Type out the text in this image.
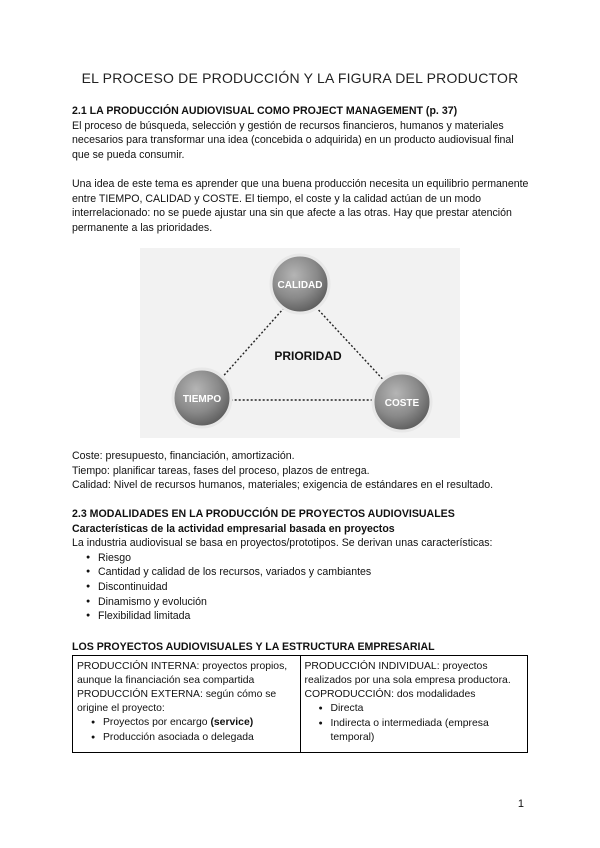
EL PROCESO DE PRODUCCIÓN Y LA FIGURA DEL PRODUCTOR

2.1 LA PRODUCCIÓN AUDIOVISUAL COMO PROJECT MANAGEMENT (p. 37)

El proceso de búsqueda, selección y gestión de recursos financieros, humanos y materiales necesarios para transformar una idea (concebida o adquirida) en un producto audiovisual final que se pueda consumir.

Una idea de este tema es aprender que una buena producción necesita un equilibrio permanente entre TIEMPO, CALIDAD y COSTE. El tiempo, el coste y la calidad actúan de un modo interrelacionado: no se puede ajustar una sin que afecte a las otras. Hay que prestar atención permanente a las prioridades.

CALIDAD
TIEMPO	COSTE
PRIORIDAD

Coste: presupuesto, financiación, amortización.

Tiempo: planificar tareas, fases del proceso, plazos de entrega.

Calidad: Nivel de recursos humanos, materiales; exigencia de estándares en el resultado.

2.3 MODALIDADES EN LA PRODUCCIÓN DE PROYECTOS AUDIOVISUALES

Características de la actividad empresarial basada en proyectos

La industria audiovisual se basa en proyectos/prototipos. Se derivan unas características:

● Riesgo
● Cantidad y calidad de los recursos, variados y cambiantes
● Discontinuidad
● Dinamismo y evolución
● Flexibilidad limitada

LOS PROYECTOS AUDIOVISUALES Y LA ESTRUCTURA EMPRESARIAL

PRODUCCIÓN INTERNA: proyectos propios, aunque la financiación sea compartida

PRODUCCIÓN EXTERNA: según cómo se origine el proyecto:

● Proyectos por encargo (service)
● Producción asociada o delegada

PRODUCCIÓN INDIVIDUAL: proyectos realizados por una sola empresa productora.

COPRODUCCIÓN: dos modalidades

● Directa
● Indirecta o intermediada (empresa temporal)
1
